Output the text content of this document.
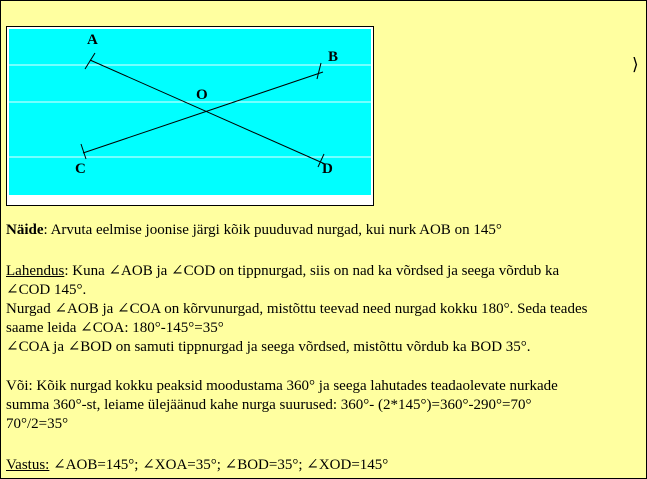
A
B
O
C	D
⟩
Näide: Arvuta eelmise joonise järgi kõik puuduvad nurgad, kui nurk AOB on 145°
Lahendus: Kuna ∠AOB ja ∠COD on tippnurgad, siis on nad ka võrdsed ja seega võrdub ka
∠COD 145°.
Nurgad ∠AOB ja ∠COA on kõrvunurgad, mistõttu teevad need nurgad kokku 180°. Seda teades
saame leida ∠COA: 180°-145°=35°
∠COA ja ∠BOD on samuti tippnurgad ja seega võrdsed, mistõttu võrdub ka BOD 35°.
Või: Kõik nurgad kokku peaksid moodustama 360° ja seega lahutades teadaolevate nurkade
summa 360°-st, leiame ülejäänud kahe nurga suurused: 360°- (2*145°)=360°-290°=70°
70°/2=35°
Vastus: ∠AOB=145°; ∠XOA=35°; ∠BOD=35°; ∠XOD=145°
